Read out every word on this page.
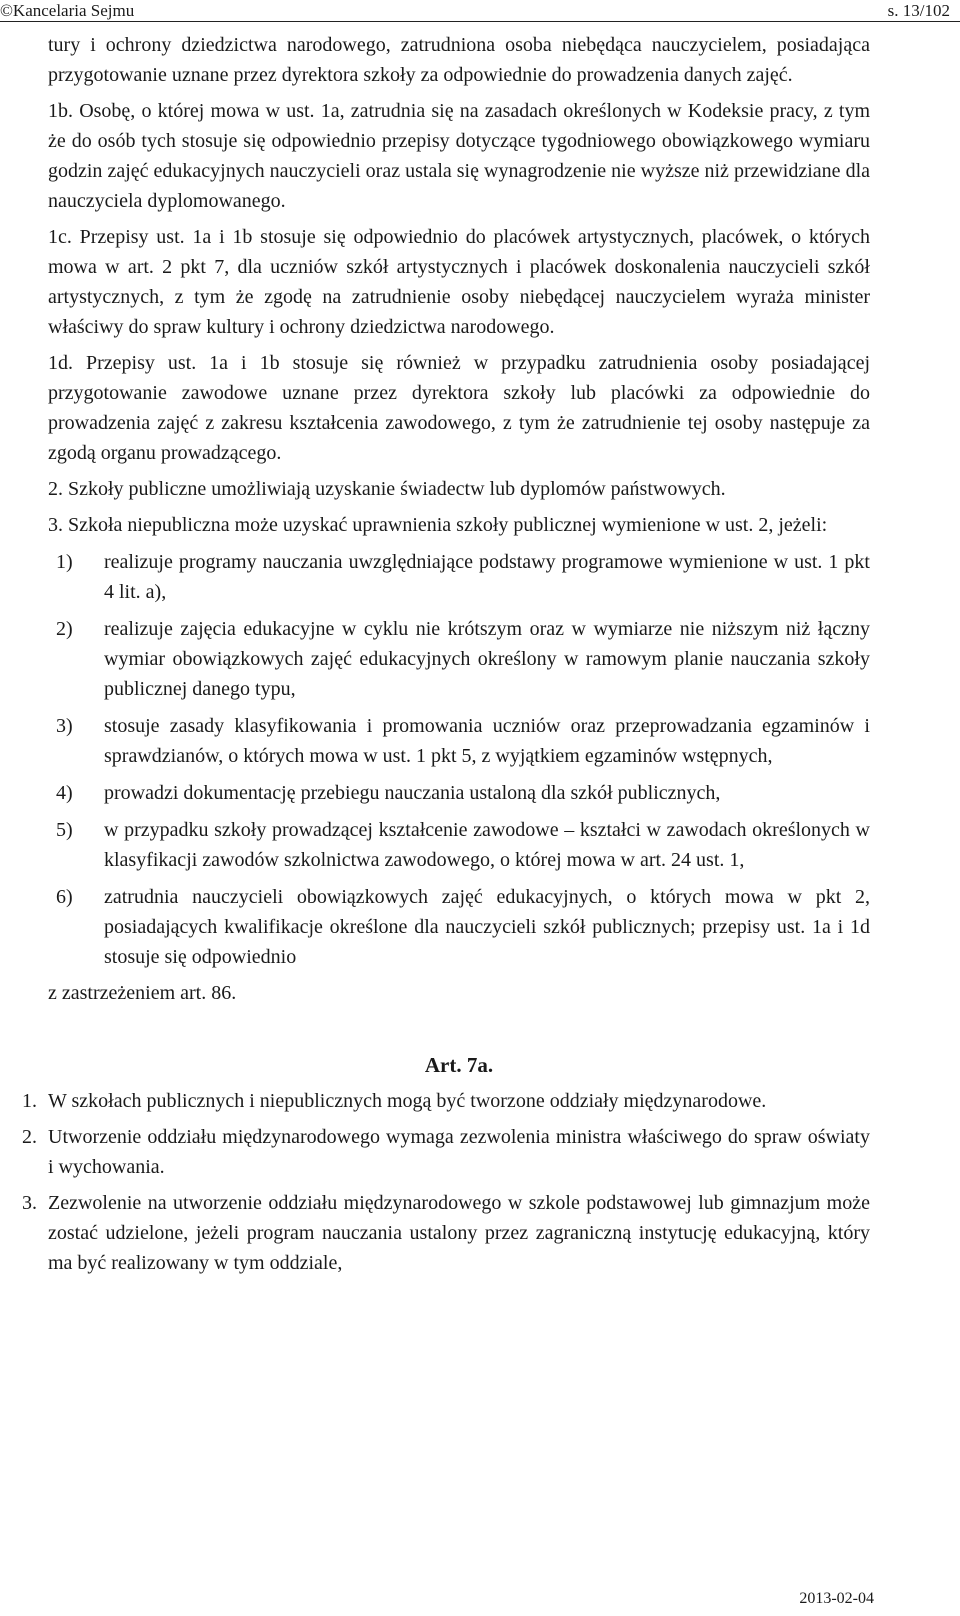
©Kancelaria Sejmu	s. 13/102

tury i ochrony dziedzictwa narodowego, zatrudniona osoba niebędąca nauczycielem, posiadająca przygotowanie uznane przez dyrektora szkoły za odpowiednie do prowadzenia danych zajęć.

1b. Osobę, o której mowa w ust. 1a, zatrudnia się na zasadach określonych w Kodeksie pracy, z tym że do osób tych stosuje się odpowiednio przepisy dotyczące tygodniowego obowiązkowego wymiaru godzin zajęć edukacyjnych nauczycieli oraz ustala się wynagrodzenie nie wyższe niż przewidziane dla nauczyciela dyplomowanego.

1c. Przepisy ust. 1a i 1b stosuje się odpowiednio do placówek artystycznych, placówek, o których mowa w art. 2 pkt 7, dla uczniów szkół artystycznych i placówek doskonalenia nauczycieli szkół artystycznych, z tym że zgodę na zatrudnienie osoby niebędącej nauczycielem wyraża minister właściwy do spraw kultury i ochrony dziedzictwa narodowego.

1d. Przepisy ust. 1a i 1b stosuje się również w przypadku zatrudnienia osoby posiadającej przygotowanie zawodowe uznane przez dyrektora szkoły lub placówki za odpowiednie do prowadzenia zajęć z zakresu kształcenia zawodowego, z tym że zatrudnienie tej osoby następuje za zgodą organu prowadzącego.

2. Szkoły publiczne umożliwiają uzyskanie świadectw lub dyplomów państwowych.

3. Szkoła niepubliczna może uzyskać uprawnienia szkoły publicznej wymienione w ust. 2, jeżeli:

1)	realizuje programy nauczania uwzględniające podstawy programowe wymienione w ust. 1 pkt 4 lit. a),
2)	realizuje zajęcia edukacyjne w cyklu nie krótszym oraz w wymiarze nie niższym niż łączny wymiar obowiązkowych zajęć edukacyjnych określony w ramowym planie nauczania szkoły publicznej danego typu,
3)	stosuje zasady klasyfikowania i promowania uczniów oraz przeprowadzania egzaminów i sprawdzianów, o których mowa w ust. 1 pkt 5, z wyjątkiem egzaminów wstępnych,
4)	prowadzi dokumentację przebiegu nauczania ustaloną dla szkół publicznych,
5)	w przypadku szkoły prowadzącej kształcenie zawodowe – kształci w zawodach określonych w klasyfikacji zawodów szkolnictwa zawodowego, o której mowa w art. 24 ust. 1,
6)	zatrudnia nauczycieli obowiązkowych zajęć edukacyjnych, o których mowa w pkt 2, posiadających kwalifikacje określone dla nauczycieli szkół publicznych; przepisy ust. 1a i 1d stosuje się odpowiednio

z zastrzeżeniem art. 86.

Art. 7a.
1. W szkołach publicznych i niepublicznych mogą być tworzone oddziały międzynarodowe.
2. Utworzenie oddziału międzynarodowego wymaga zezwolenia ministra właściwego do spraw oświaty i wychowania.
3. Zezwolenie na utworzenie oddziału międzynarodowego w szkole podstawowej lub gimnazjum może zostać udzielone, jeżeli program nauczania ustalony przez zagraniczną instytucję edukacyjną, który ma być realizowany w tym oddziale,
2013-02-04
